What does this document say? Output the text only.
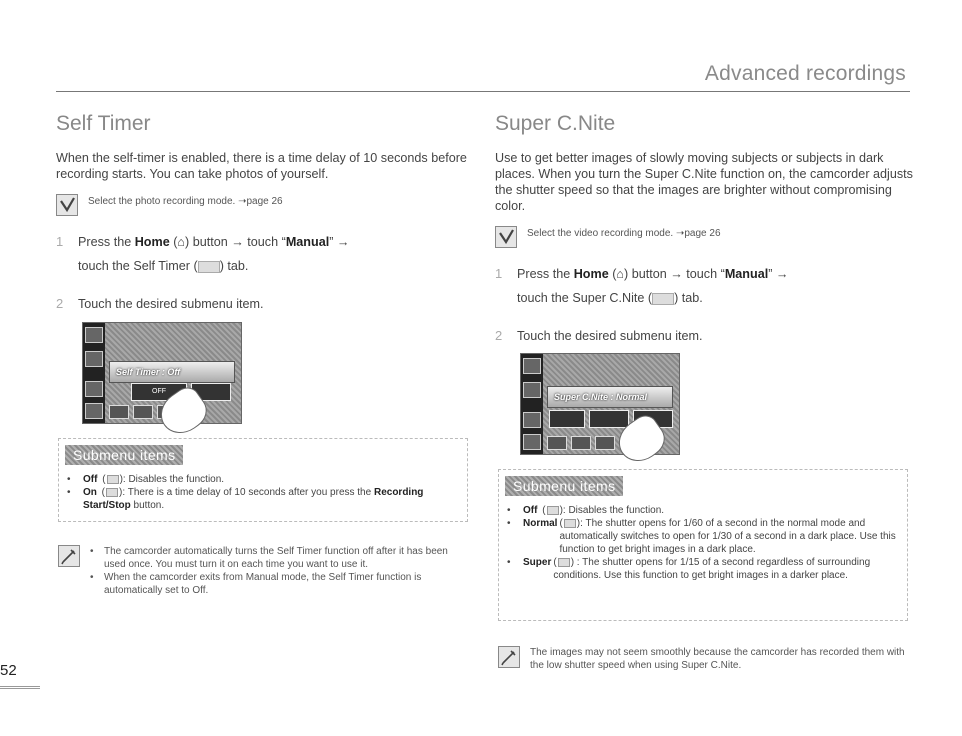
Advanced recordings
Self Timer
When the self-timer is enabled, there is a time delay of 10 seconds before recording starts. You can take photos of yourself.
Select the photo recording mode. ➝page 26
1	Press the Home (⌂) button → touch “Manual” →
touch the Self Timer ( ) tab.
2	Touch the desired submenu item.
Self Timer : Off
OFF
Submenu items
•	Off ( ): Disables the function.
•	On ( ): There is a time delay of 10 seconds after you press the Recording Start/Stop button.
•	The camcorder automatically turns the Self Timer function off after it has been used once. You must turn it on each time you want to use it.
•	When the camcorder exits from Manual mode, the Self Timer function is automatically set to Off.
Super C.Nite
Use to get better images of slowly moving subjects or subjects in dark places. When you turn the Super C.Nite function on, the camcorder adjusts the shutter speed so that the images are brighter without compromising color.
Select the video recording mode. ➝page 26
1	Press the Home (⌂) button → touch “Manual” →
touch the Super C.Nite ( ) tab.
2	Touch the desired submenu item.
Super C.Nite : Normal
Submenu items
•	Off ( ): Disables the function.
•	Normal ( ): The shutter opens for 1/60 of a second in the normal mode and automatically switches to open for 1/30 of a second in a dark place. Use this function to get bright images in a dark place.
•	Super ( ) : The shutter opens for 1/15 of a second regardless of surrounding conditions. Use this function to get bright images in a darker place.
The images may not seem smoothly because the camcorder has recorded them with the low shutter speed when using Super C.Nite.
52
